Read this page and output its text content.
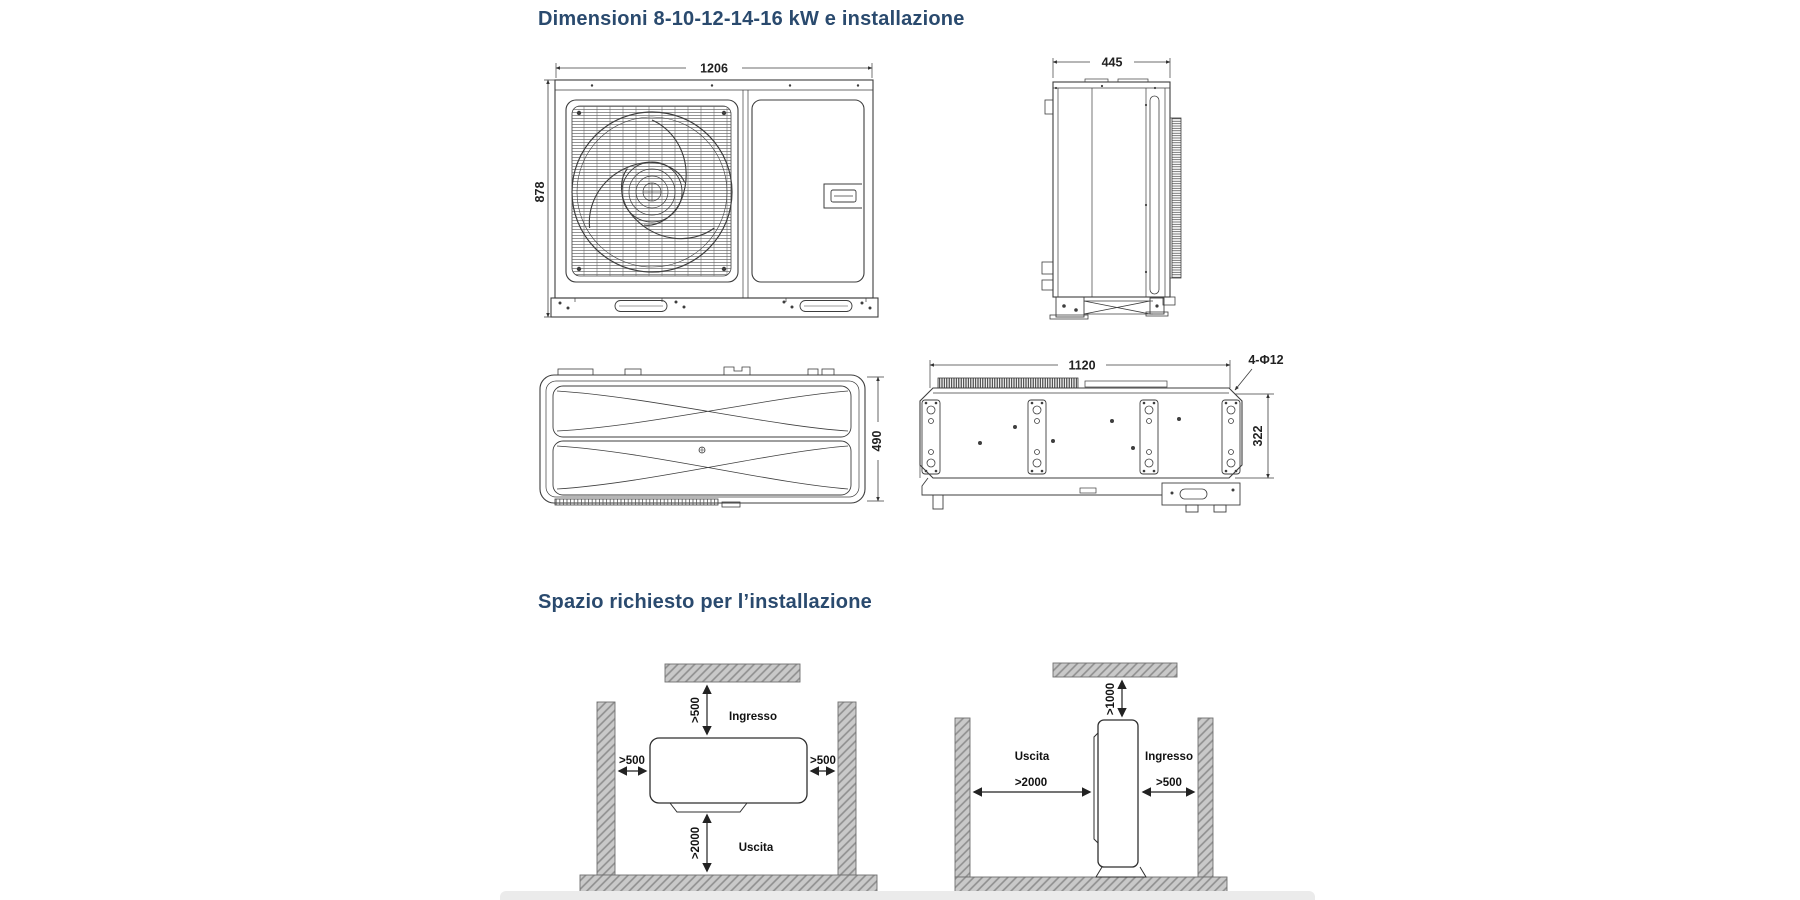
Dimensioni 8-10-12-14-16 kW e installazione
Spazio richiesto per l’installazione
1206
878
445
490
1120	4-Φ12
322
>500 Ingresso
>500	>500
>2000	Uscita
>1000
Uscita	Ingresso
>2000	>500
